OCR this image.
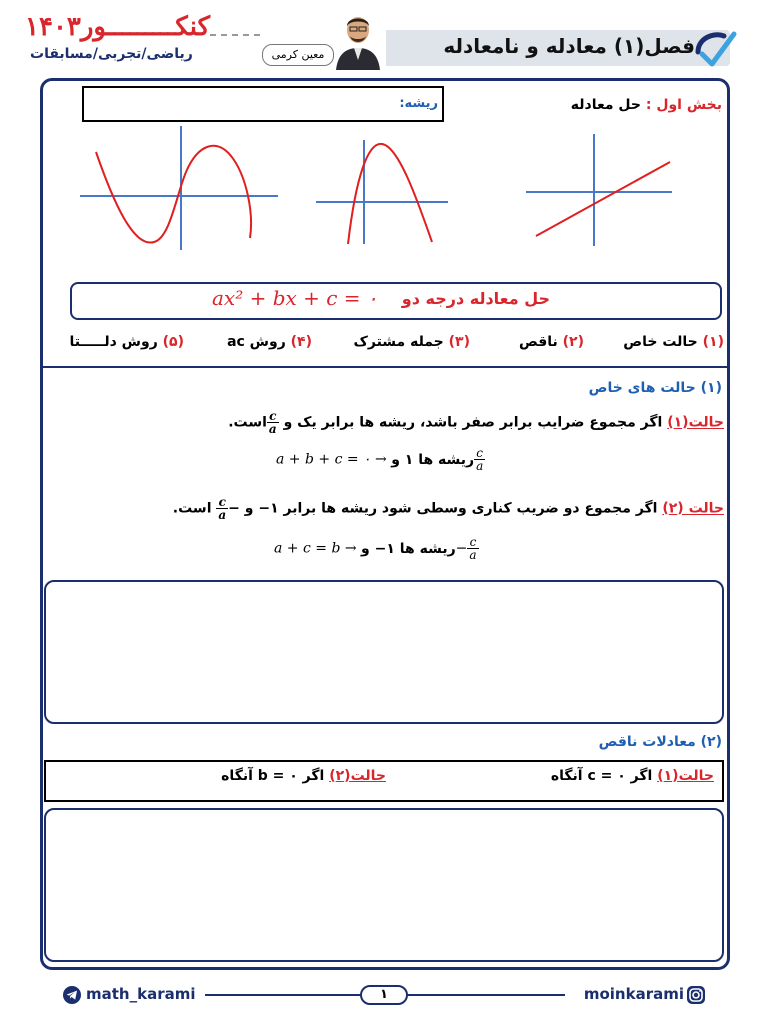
فصل(۱) معادله و نامعادله
کنکـــــــــور۱۴۰۳
ریاضی/تجربی/مسابقات	معین کرمی
بخش اول : حل معادله
ریشه:
حل معادله درجه دو
ax² + bx + c = ۰
(۱) حالت خاص
(۲) ناقص
(۳) جمله مشترک
(۴) روش ac
(۵) روش دلـــــتا
(۱) حالت های خاص
حالت(۱) اگر مجموع ضرایب برابر صفر باشد، ریشه ها برابر یک و
$\frac{c}{a}$
است.
a + b + c = ۰ → ریشه ها ۱ و $\frac{c}{a}$
حالت (۲) اگر مجموع دو ضریب کناری وسطی شود ریشه ها برابر ۱− و −
$\frac{c}{a}$
است.
a + c = b → ریشه ها ۱− و− $\frac{c}{a}$
(۲) معادلات ناقص
حالت(۱) اگر c = ۰ آنگاه
حالت(۲) اگر b = ۰ آنگاه
math_karami	۱	moinkarami
